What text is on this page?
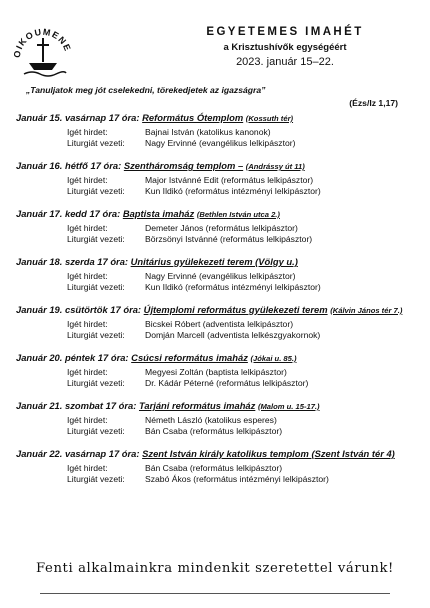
OIKOUMENE
EGYETEMES IMAHÉT
a Krisztushívők egységéért
2023. január 15–22.
„Tanuljatok meg jót cselekedni, törekedjetek az igazságra”
(Ézs/Iz 1,17)
Január 15. vasárnap 17 óra: Református Ótemplom (Kossuth tér)
Igét hirdet:	Bajnai István (katolikus kanonok)
Liturgiát vezeti:	Nagy Ervinné (evangélikus lelkipásztor)
Január 16. hétfő 17 óra: Szentháromság templom – (Andrássy út 11)
Igét hirdet:	Major Istvánné Edit (református lelkipásztor)
Liturgiát vezeti:	Kun Ildikó (református intézményi lelkipásztor)
Január 17. kedd 17 óra: Baptista imaház (Bethlen István utca 2.)
Igét hirdet:	Demeter János (református lelkipásztor)
Liturgiát vezeti:	Börzsönyi Istvánné (református lelkipásztor)
Január 18. szerda 17 óra: Unitárius gyülekezeti terem (Völgy u.)
Igét hirdet:	Nagy Ervinné (evangélikus lelkipásztor)
Liturgiát vezeti:	Kun Ildikó (református intézményi lelkipásztor)
Január 19. csütörtök 17 óra: Újtemplomi református gyülekezeti terem (Kálvin János tér 7.)
Igét hirdet:	Bicskei Róbert (adventista lelkipásztor)
Liturgiát vezeti:	Domján Marcell (adventista lelkészgyakornok)
Január 20. péntek 17 óra: Csúcsi református imaház (Jókai u. 85.)
Igét hirdet:	Megyesi Zoltán (baptista lelkipásztor)
Liturgiát vezeti:	Dr. Kádár Péterné (református lelkipásztor)
Január 21. szombat 17 óra: Tarjáni református imaház (Malom u. 15-17.)
Igét hirdet:	Németh László (katolikus esperes)
Liturgiát vezeti:	Bán Csaba (református lelkipásztor)
Január 22. vasárnap 17 óra: Szent István király katolikus templom (Szent István tér 4)
Igét hirdet:	Bán Csaba (református lelkipásztor)
Liturgiát vezeti:	Szabó Ákos (református intézményi lelkipásztor)
Fenti alkalmainkra mindenkit szeretettel várunk!
